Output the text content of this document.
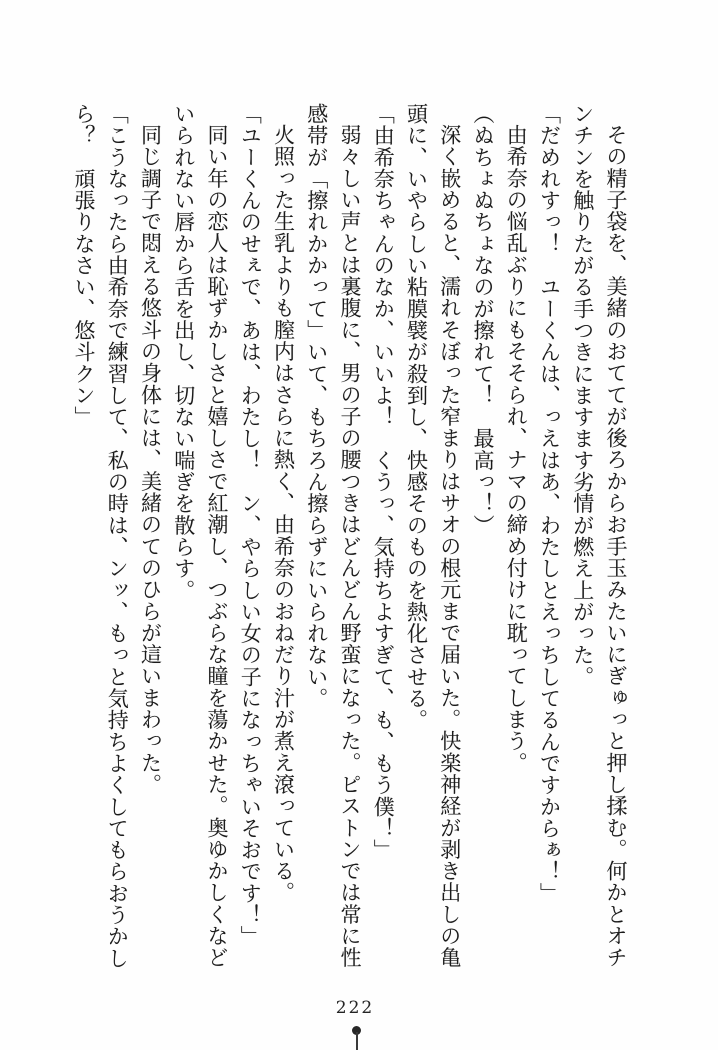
その精子袋を、美緒のおててが後ろからお手玉みたいにぎゅっと押し揉む。何かとオチンチンを触りたがる手つきにますます劣情が燃え上がった。

「だめれすっ！　ユーくんは、っえはあ、わたしとえっちしてるんですからぁ！」

由希奈の悩乱ぶりにもそそられ、ナマの締め付けに耽ってしまう。

（ぬちょぬちょなのが擦れて！　最高っ！）

深く嵌めると、濡れそぼった窄まりはサオの根元まで届いた。快楽神経が剥き出しの亀頭に、いやらしい粘膜襞が殺到し、快感そのものを熱化させる。

「由希奈ちゃんのなか、いいよ！　くうっ、気持ちよすぎて、も、もう僕！」

弱々しい声とは裏腹に、男の子の腰つきはどんどん野蛮になった。ピストンでは常に性感帯が「擦れかかって」いて、もちろん擦らずにいられない。

火照った生乳よりも膣内はさらに熱く、由希奈のおねだり汁が煮え滾っている。

「ユーくんのせぇで、あは、わたし！　ン、やらしい女の子になっちゃいそおです！」

同い年の恋人は恥ずかしさと嬉しさで紅潮し、つぶらな瞳を蕩かせた。奥ゆかしくなどいられない唇から舌を出し、切ない喘ぎを散らす。

同じ調子で悶える悠斗の身体には、美緒のてのひらが這いまわった。

「こうなったら由希奈で練習して、私の時は、ンッ、もっと気持ちよくしてもらおうかしら？　頑張りなさい、悠斗クン」

222
